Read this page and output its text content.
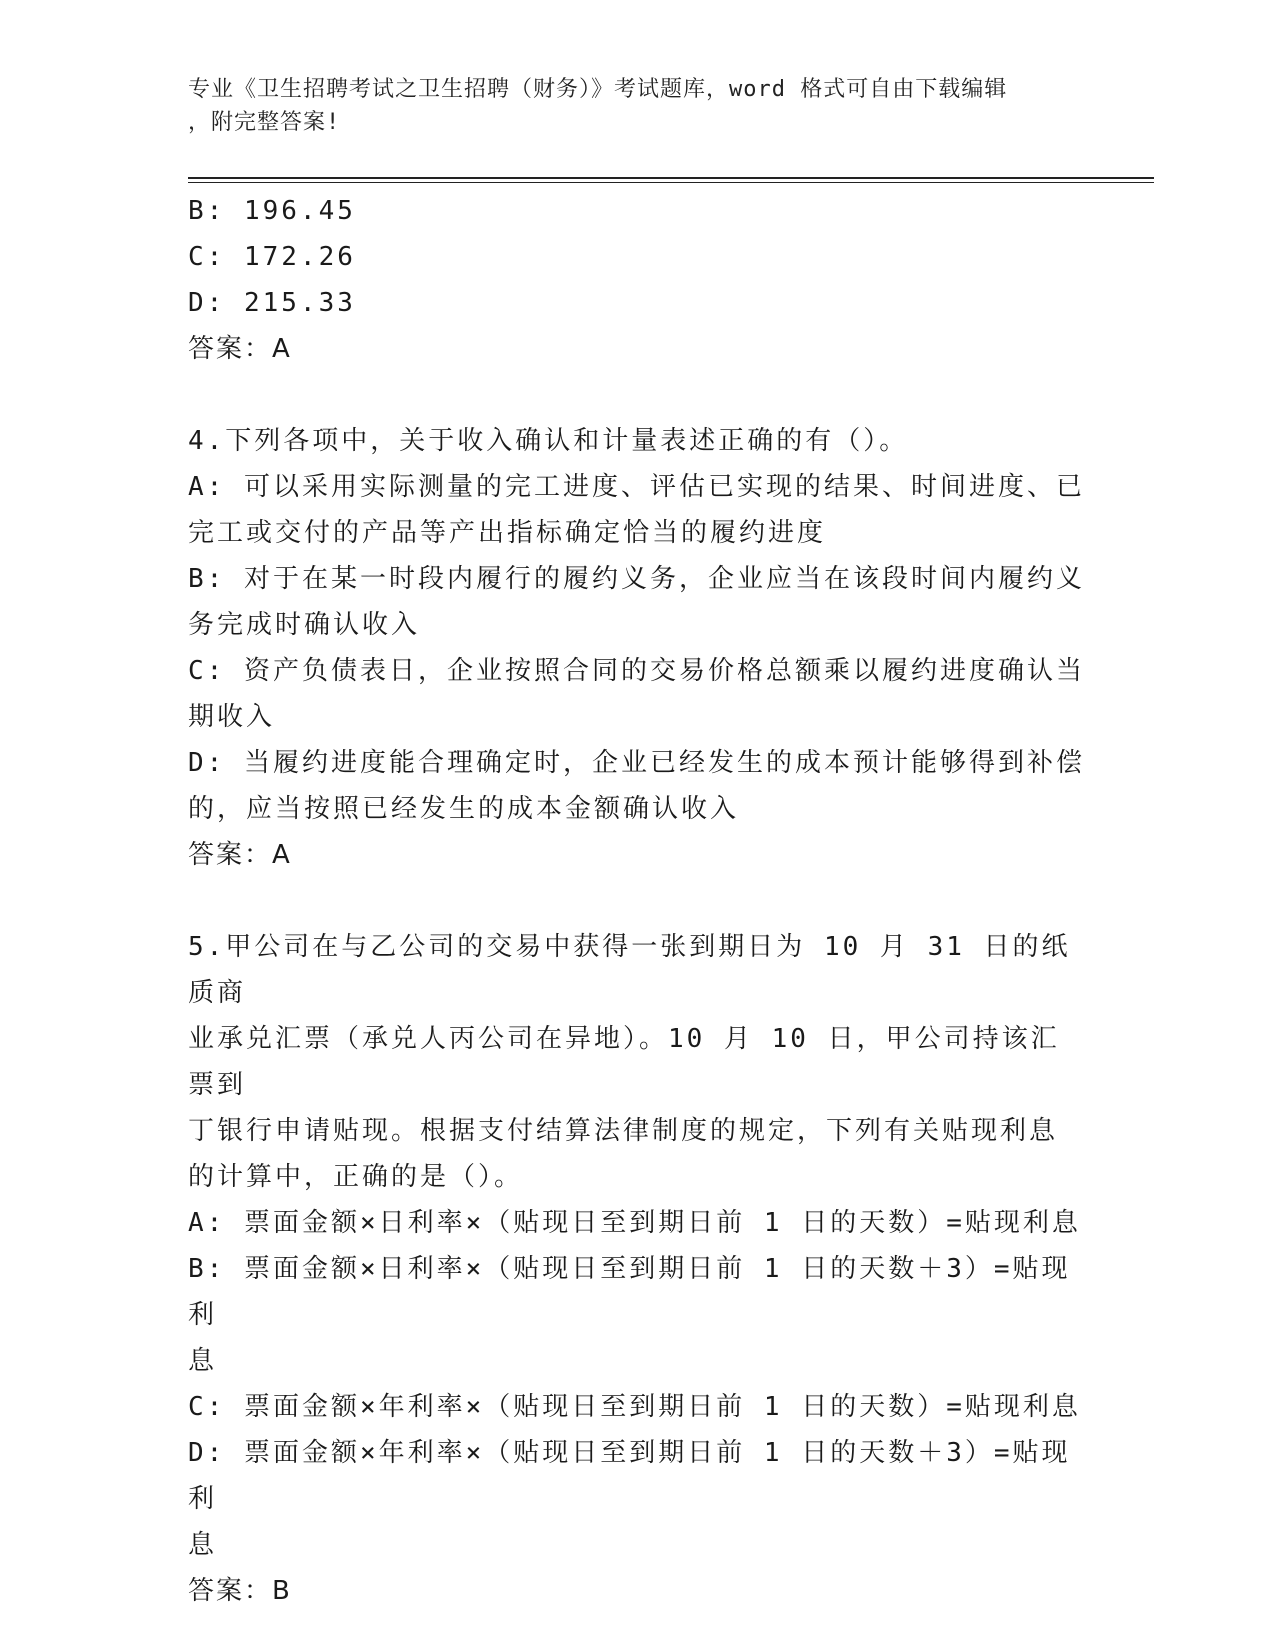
专业《卫生招聘考试之卫生招聘（财务）》考试题库，word 格式可自由下载编辑
，附完整答案!
B: 196.45
C: 172.26
D: 215.33
答案：A
4.下列各项中，关于收入确认和计量表述正确的有（）。
A: 可以采用实际测量的完工进度、评估已实现的结果、时间进度、已
完工或交付的产品等产出指标确定恰当的履约进度
B: 对于在某一时段内履行的履约义务，企业应当在该段时间内履约义
务完成时确认收入
C: 资产负债表日，企业按照合同的交易价格总额乘以履约进度确认当
期收入
D: 当履约进度能合理确定时，企业已经发生的成本预计能够得到补偿
的，应当按照已经发生的成本金额确认收入
答案：A
5.甲公司在与乙公司的交易中获得一张到期日为 10 月 31 日的纸质商
业承兑汇票（承兑人丙公司在异地）。10 月 10 日，甲公司持该汇票到
丁银行申请贴现。根据支付结算法律制度的规定，下列有关贴现利息
的计算中，正确的是（）。
A: 票面金额×日利率×（贴现日至到期日前 1 日的天数）=贴现利息
B: 票面金额×日利率×（贴现日至到期日前 1 日的天数＋3）=贴现利
息
C: 票面金额×年利率×（贴现日至到期日前 1 日的天数）=贴现利息
D: 票面金额×年利率×（贴现日至到期日前 1 日的天数＋3）=贴现利
息
答案：B
